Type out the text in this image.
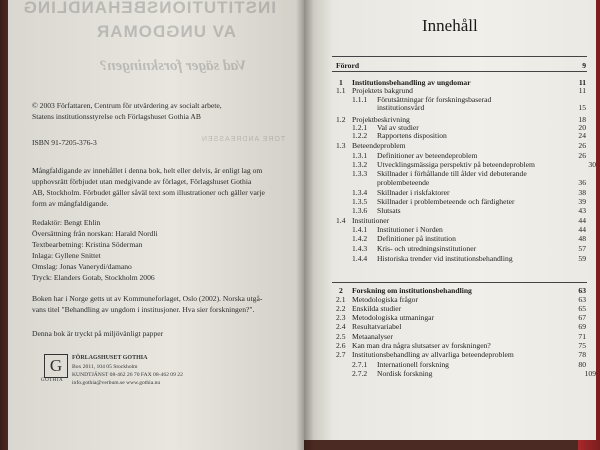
INSTITUTIONSBEHANDLING
AV UNGDOMAR
Vad säger forskningen?
TORE ANDREASSEN
© 2003 Författaren, Centrum för utvärdering av socialt arbete,
Statens institutionsstyrelse och Förlagshuset Gothia AB
ISBN 91-7205-376-3
Mångfaldigande av innehållet i denna bok, helt eller delvis, är enligt lag om
upphovsrätt förbjudet utan medgivande av förlaget, Förlagshuset Gothia
AB, Stockholm. Förbudet gäller såväl text som illustrationer och gäller varje
form av mångfaldigande.
Redaktör: Bengt Ehlin
Översättning från norskan: Harald Nordli
Textbearbetning: Kristina Söderman
Inlaga: Gyllene Snittet
Omslag: Jonas Vanerydi/damano
Tryck: Elanders Gotab, Stockholm 2006
Boken har i Norge getts ut av Kommuneforlaget, Oslo (2002). Norska utgå-
vans titel "Behandling av ungdom i institusjoner. Hva sier forskningen?".
Denna bok är tryckt på miljövänligt papper
G
GOTHIA
FÖRLAGSHUSET GOTHIA
Box 2011, 104 05 Stockholm
KUNDTJÄNST 08-462 26 70 FAX 08-462 09 22
info.gothia@verbum.se www.gothia.nu
Innehåll
Förord	9
1 Institutionsbehandling av ungdomar	11
1.1 Projektets bakgrund	11
1.1.1 Förutsättningar för forskningsbaserad
institutionsvård	15
1.2 Projektbeskrivning	18
1.2.1 Val av studier	20
1.2.2 Rapportens disposition	24
1.3 Beteendeproblem	26
1.3.1 Definitioner av beteendeproblem	26
1.3.2 Utvecklingsmässiga perspektiv på beteendeproblem	30
1.3.3 Skillnader i förhållande till ålder vid debuterande
problembeteende	36
1.3.4 Skillnader i riskfaktorer	38
1.3.5 Skillnader i problembeteende och färdigheter	39
1.3.6 Slutsats	43
1.4 Institutioner	44
1.4.1 Institutioner i Norden	44
1.4.2 Definitioner på institution	48
1.4.3 Kris- och utredningsinstitutioner	57
1.4.4 Historiska trender vid institutionsbehandling	59
2 Forskning om institutionsbehandling	63
2.1 Metodologiska frågor	63
2.2 Enskilda studier	65
2.3 Metodologiska utmaningar	67
2.4 Resultatvariabel	69
2.5 Metaanalyser	71
2.6 Kan man dra några slutsatser av forskningen?	75
2.7 Institutionsbehandling av allvarliga beteendeproblem	78
2.7.1 Internationell forskning	80
2.7.2 Nordisk forskning	109
